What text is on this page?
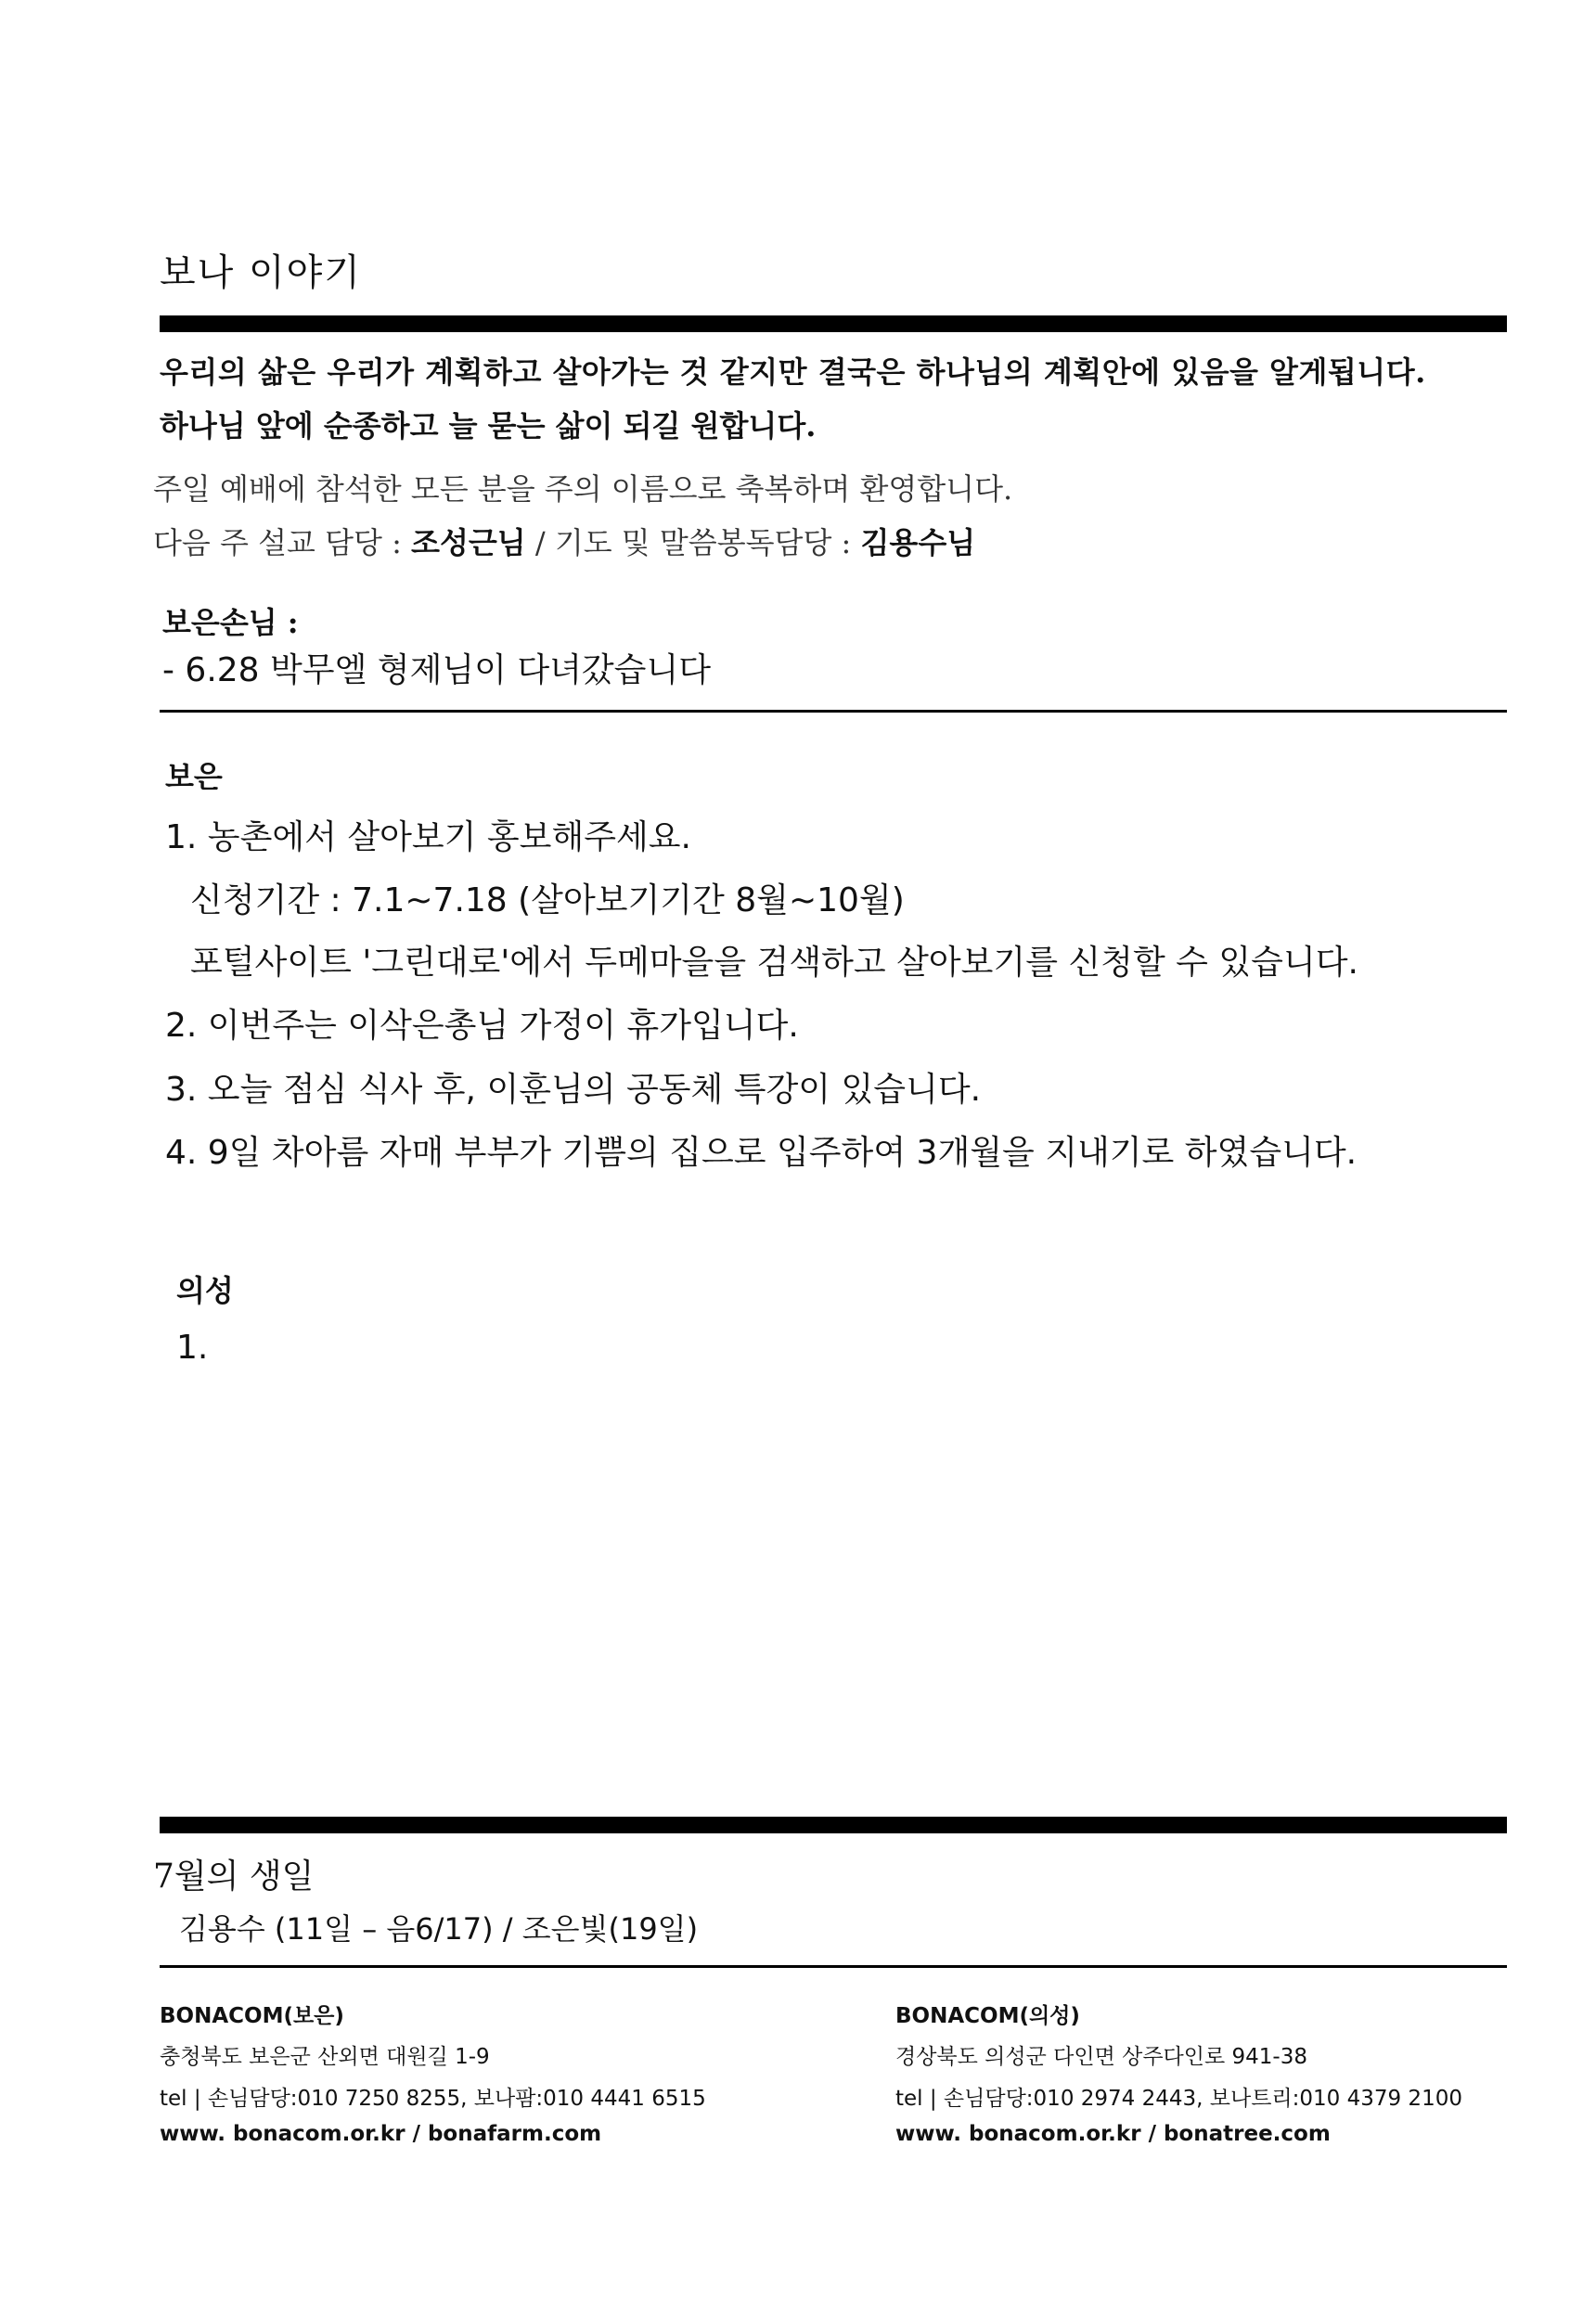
보나 이야기
우리의 삶은 우리가 계획하고 살아가는 것 같지만 결국은 하나님의 계획안에 있음을 알게됩니다.
하나님 앞에 순종하고 늘 묻는 삶이 되길 원합니다.
주일 예배에 참석한 모든 분을 주의 이름으로 축복하며 환영합니다.
다음 주 설교 담당 : 조성근님 / 기도 및 말씀봉독담당 : 김용수님
보은손님 :
- 6.28 박무엘 형제님이 다녀갔습니다
보은
1. 농촌에서 살아보기 홍보해주세요.
신청기간 : 7.1~7.18 (살아보기기간 8월~10월)
포털사이트 '그린대로'에서 두메마을을 검색하고 살아보기를 신청할 수 있습니다.
2. 이번주는 이삭은총님 가정이 휴가입니다.
3. 오늘 점심 식사 후, 이훈님의 공동체 특강이 있습니다.
4. 9일 차아름 자매 부부가 기쁨의 집으로 입주하여 3개월을 지내기로 하였습니다.
의성
1.
7월의 생일
김용수 (11일 – 음6/17) / 조은빛(19일)
BONACOM(보은)
충청북도 보은군 산외면 대원길 1-9
tel | 손님담당:010 7250 8255, 보나팜:010 4441 6515
www. bonacom.or.kr / bonafarm.com
BONACOM(의성)
경상북도 의성군 다인면 상주다인로 941-38
tel | 손님담당:010 2974 2443, 보나트리:010 4379 2100
www. bonacom.or.kr / bonatree.com
